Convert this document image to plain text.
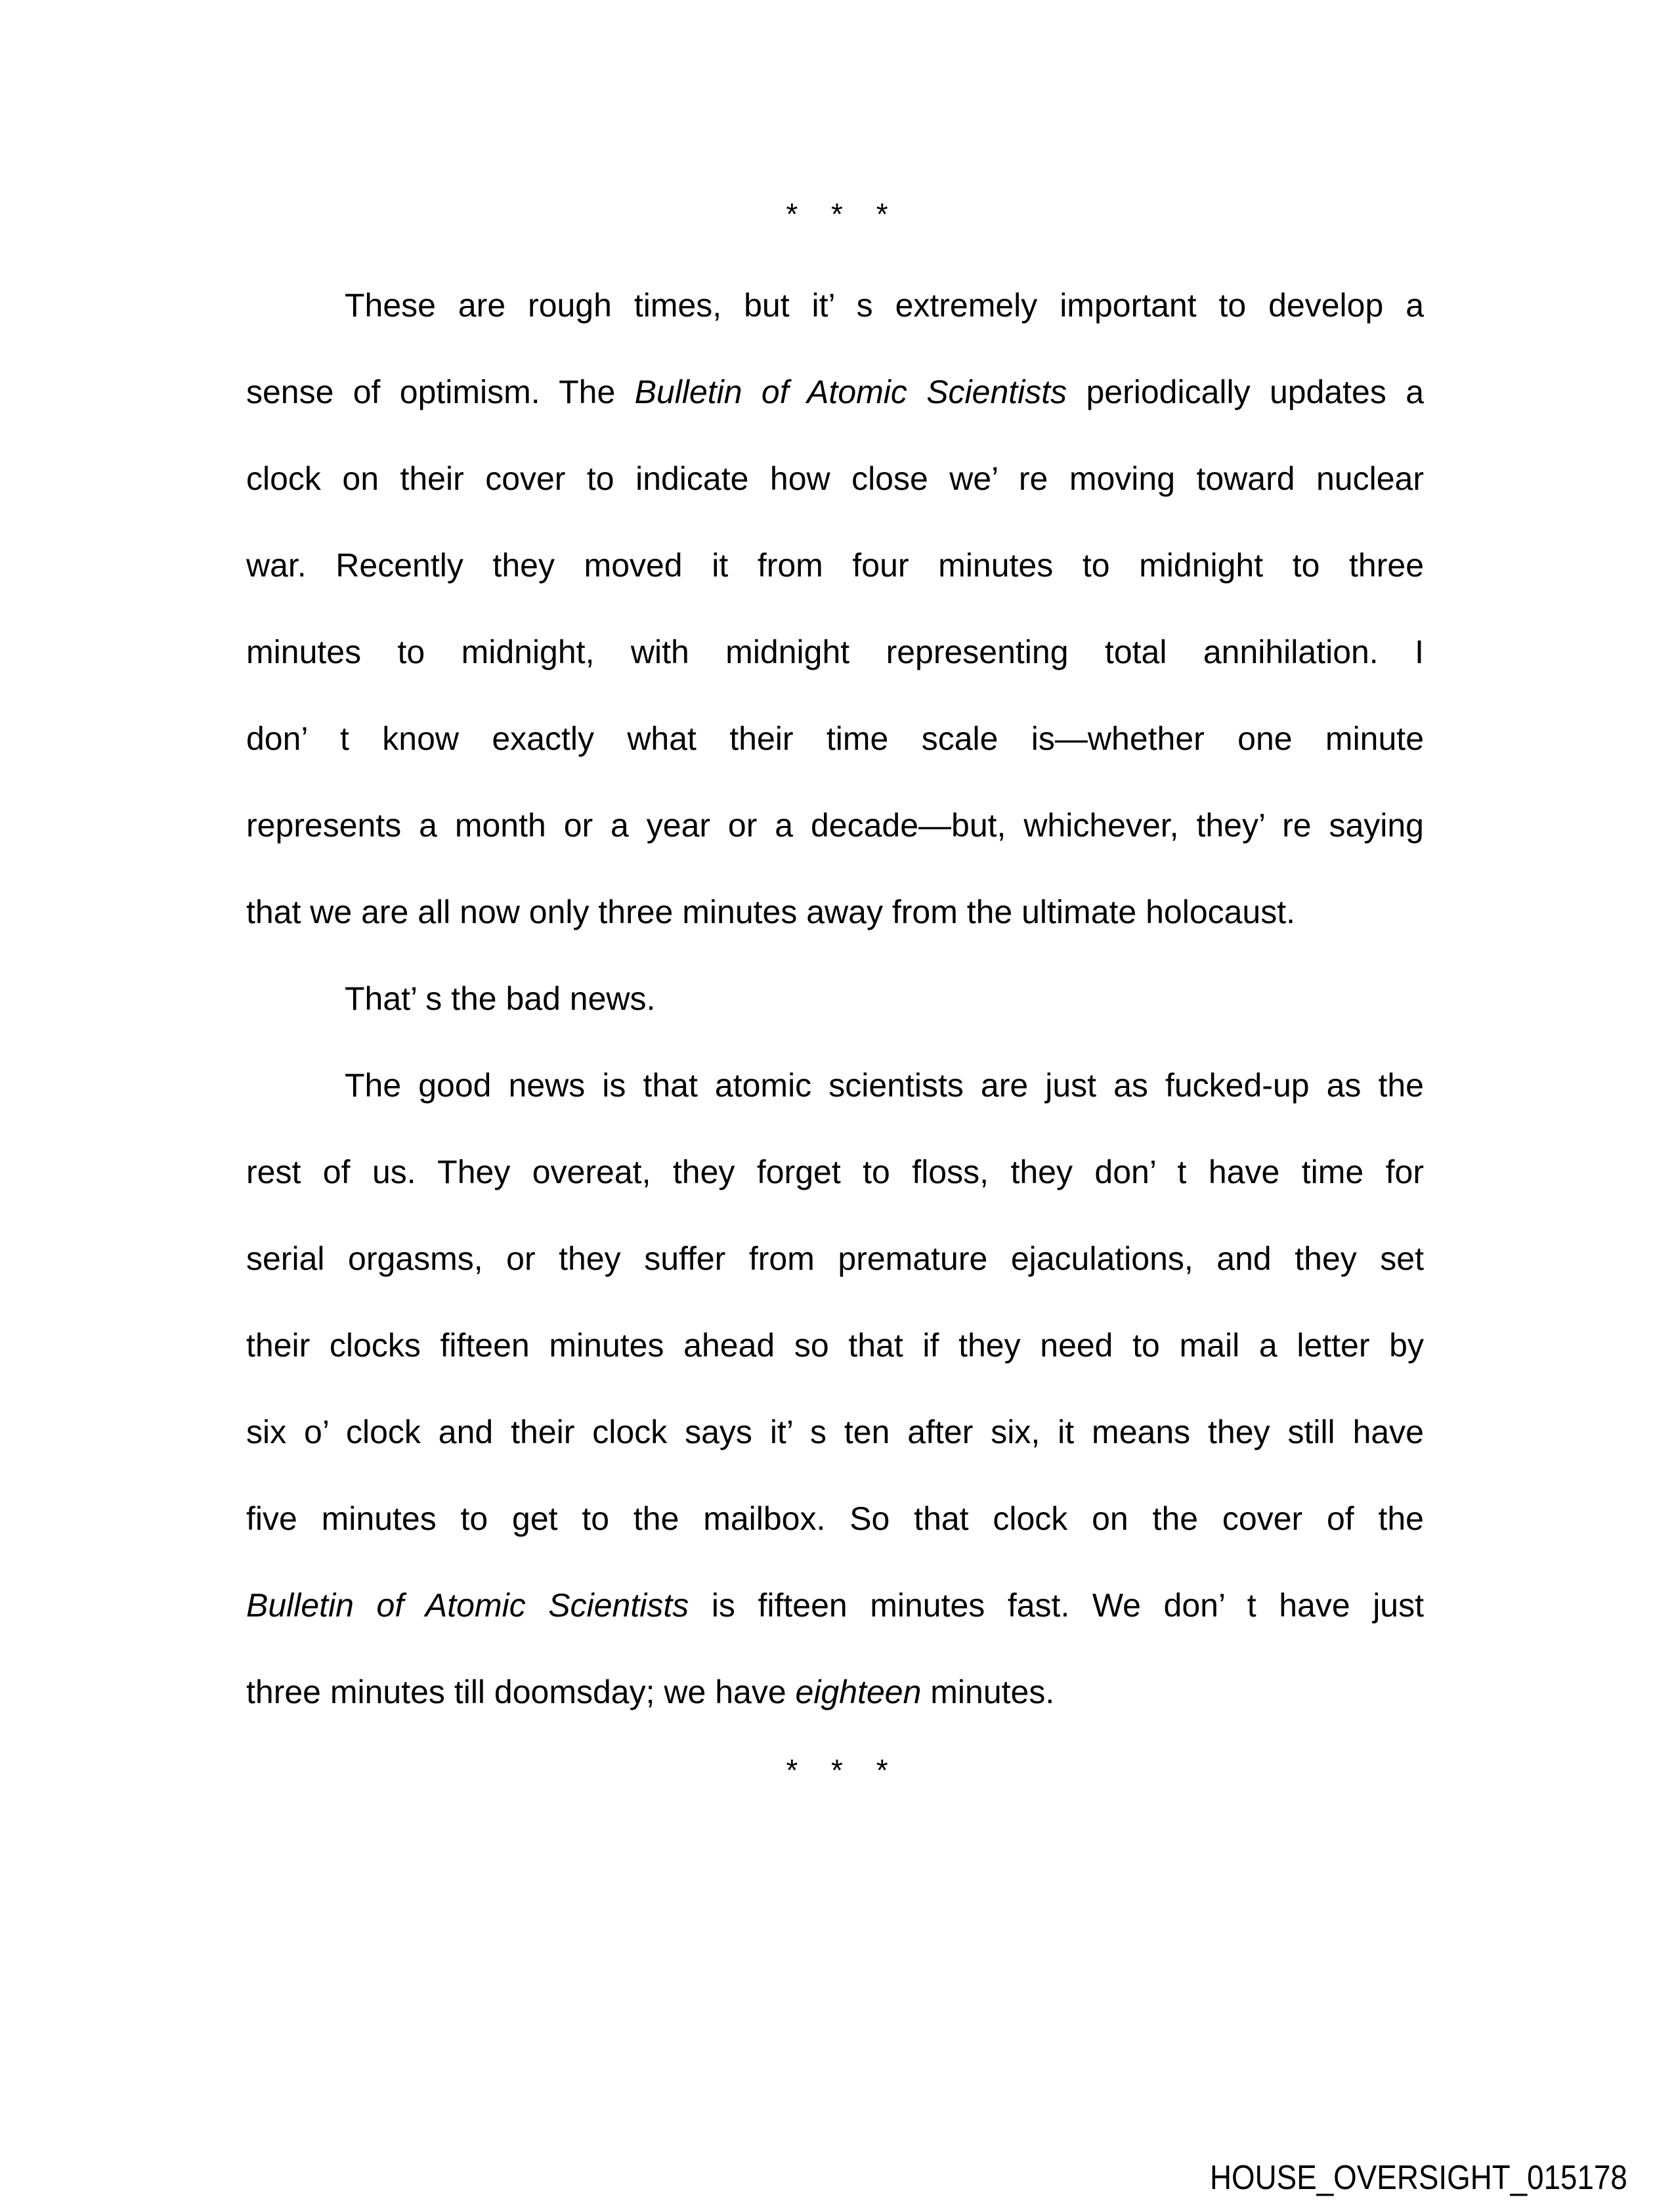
* * *
These are rough times, but it’ s extremely important to develop a
sense of optimism. The Bulletin of Atomic Scientists periodically updates a
clock on their cover to indicate how close we’ re moving toward nuclear
war. Recently they moved it from four minutes to midnight to three
minutes to midnight, with midnight representing total annihilation. I
don’ t know exactly what their time scale is—whether one minute
represents a month or a year or a decade—but, whichever, they’ re saying
that we are all now only three minutes away from the ultimate holocaust.
That’ s the bad news.
The good news is that atomic scientists are just as fucked-up as the
rest of us. They overeat, they forget to floss, they don’ t have time for
serial orgasms, or they suffer from premature ejaculations, and they set
their clocks fifteen minutes ahead so that if they need to mail a letter by
six o’ clock and their clock says it’ s ten after six, it means they still have
five minutes to get to the mailbox. So that clock on the cover of the
Bulletin of Atomic Scientists is fifteen minutes fast. We don’ t have just
three minutes till doomsday; we have eighteen minutes.
* * *
HOUSE_OVERSIGHT_015178
